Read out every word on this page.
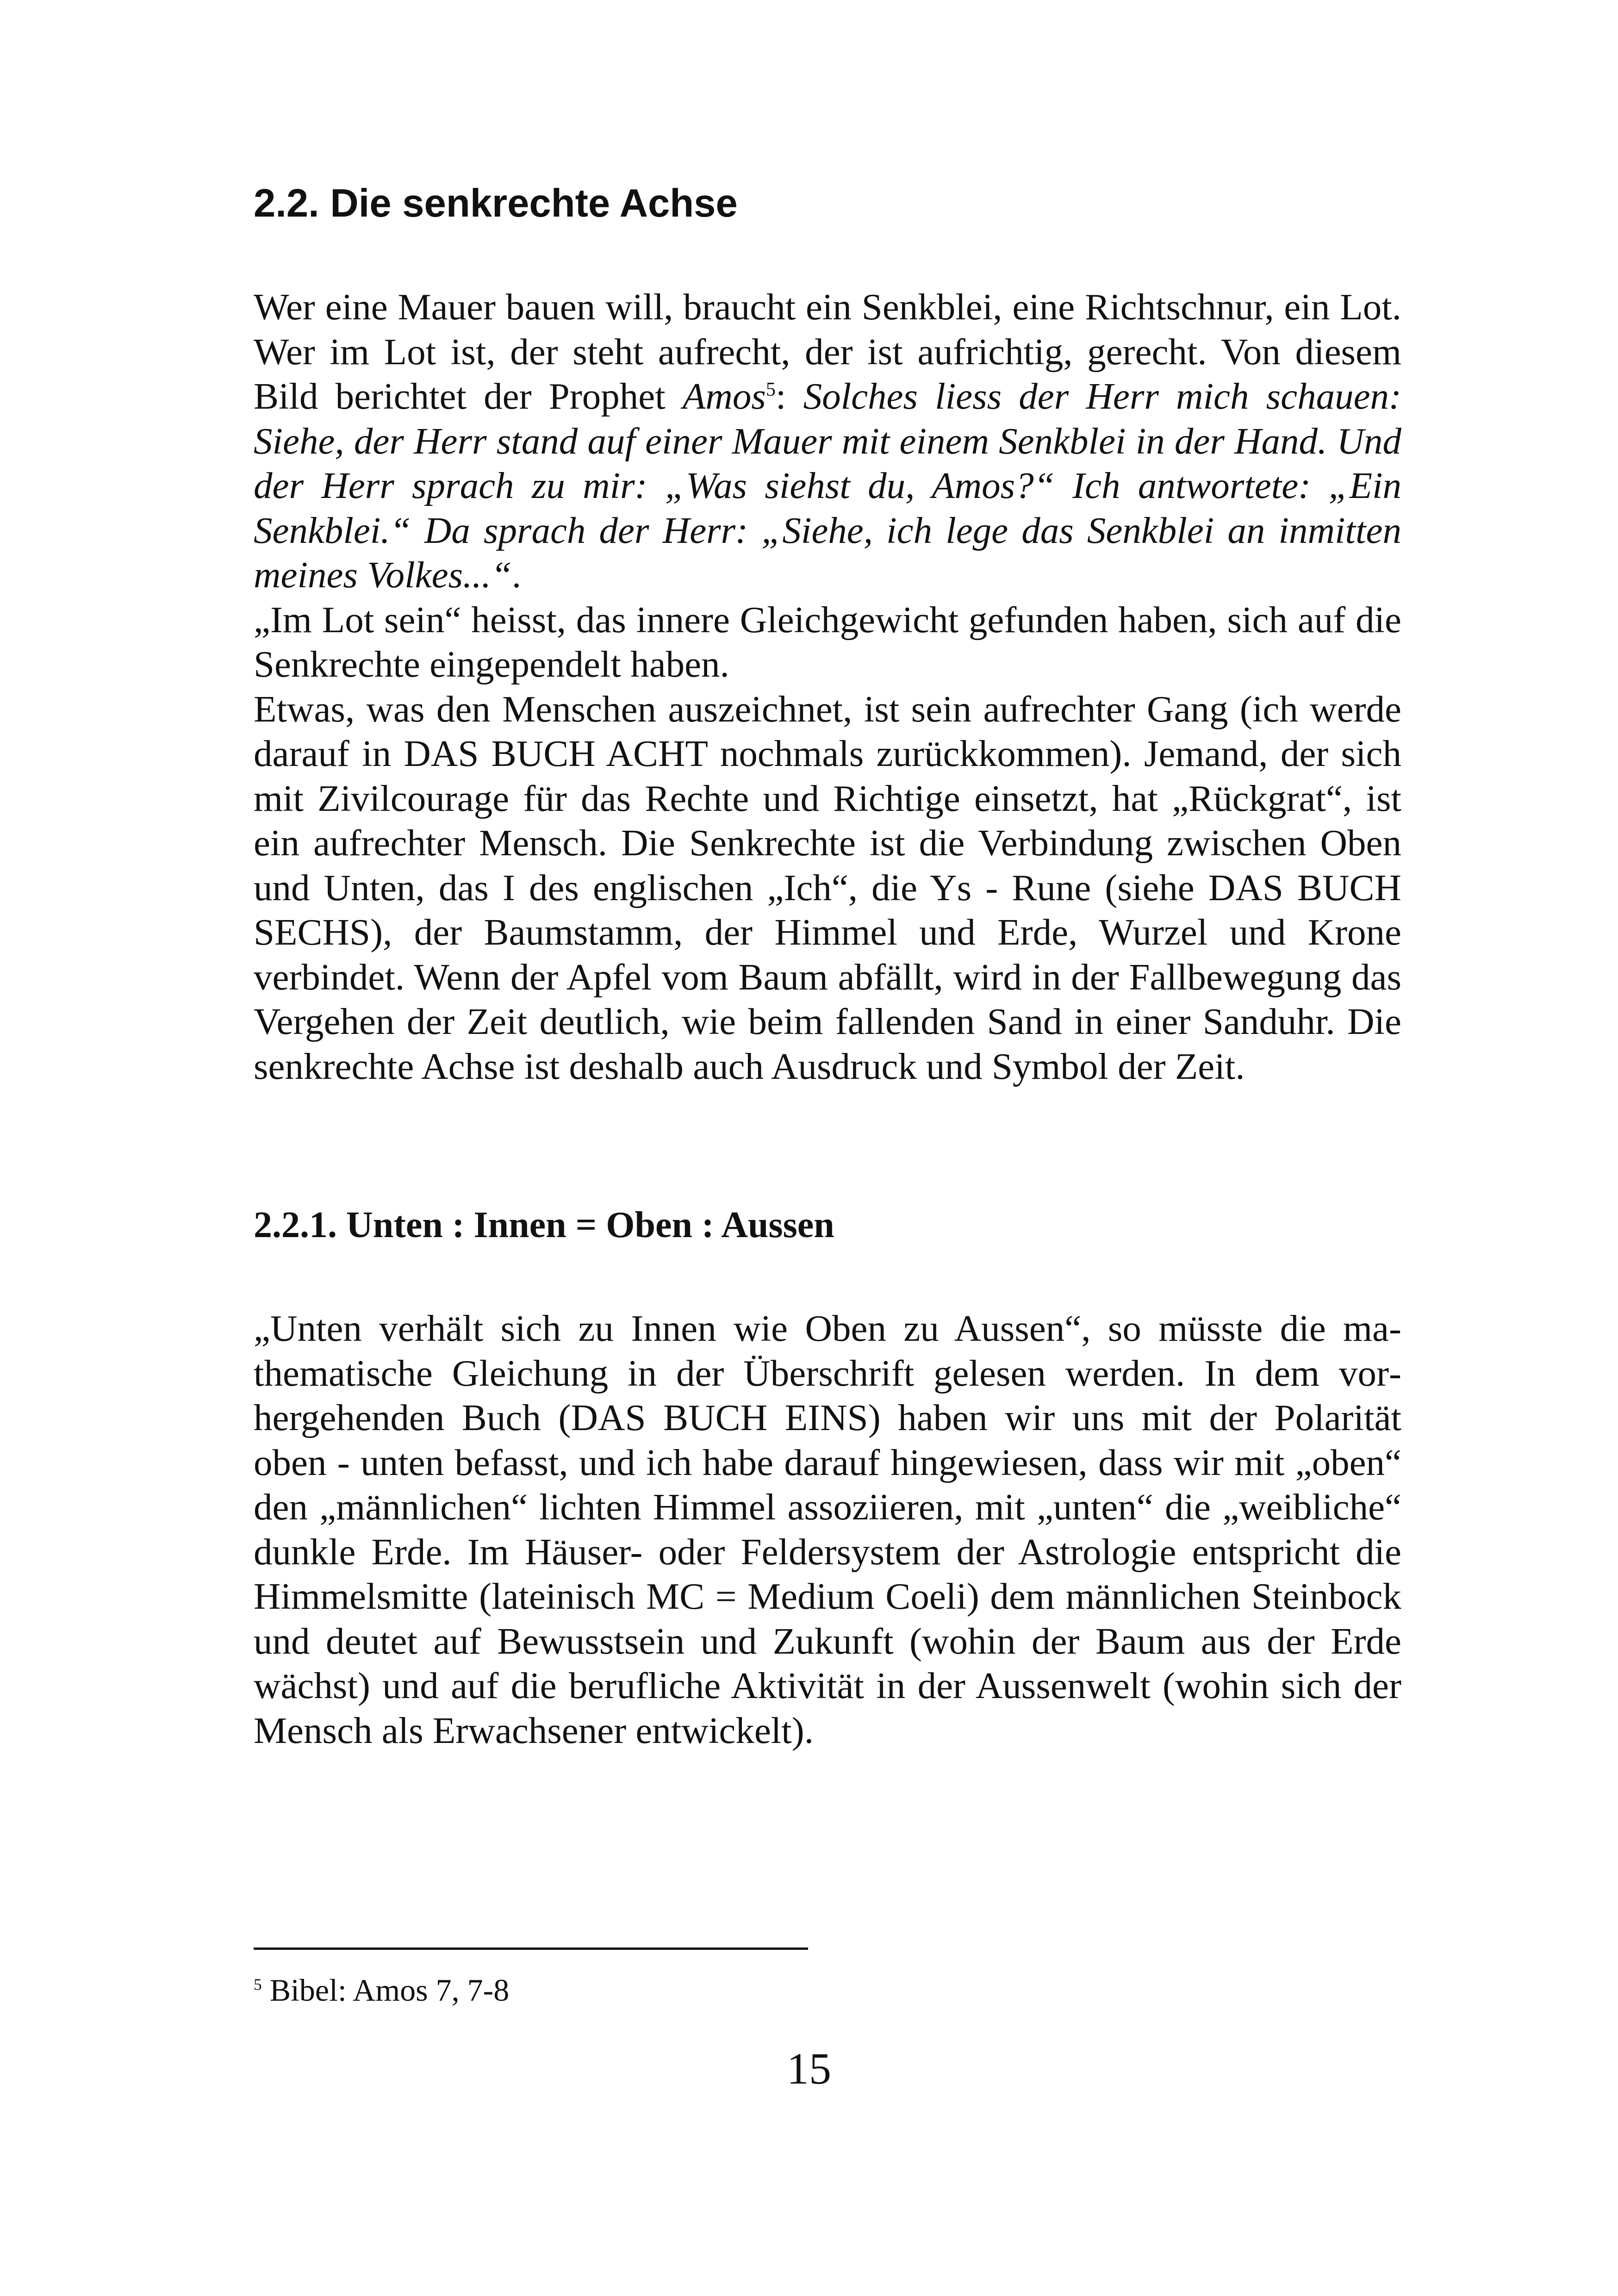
2.2. Die senkrechte Achse

Wer eine Mauer bauen will, braucht ein Senkblei, eine Richtschnur, ein Lot. Wer im Lot ist, der steht aufrecht, der ist aufrichtig, gerecht. Von diesem Bild berichtet der Prophet Amos$^5$: Solches liess der Herr mich schauen: Siehe, der Herr stand auf einer Mauer mit einem Senkblei in der Hand. Und der Herr sprach zu mir: „Was siehst du, Amos?“ Ich antwortete: „Ein Senkblei.“ Da sprach der Herr: „Siehe, ich lege das Senkblei an inmitten meines Volkes...“.

„Im Lot sein“ heisst, das innere Gleichgewicht gefunden haben, sich auf die Senkrechte eingependelt haben.

Etwas, was den Menschen auszeichnet, ist sein aufrechter Gang (ich werde darauf in DAS BUCH ACHT nochmals zurückkommen). Jemand, der sich mit Zivilcourage für das Rechte und Richtige einsetzt, hat „Rückgrat“, ist ein aufrechter Mensch. Die Senkrechte ist die Verbindung zwischen Oben und Unten, das I des englischen „Ich“, die Ys - Rune (siehe DAS BUCH SECHS), der Baumstamm, der Himmel und Erde, Wurzel und Krone verbindet. Wenn der Apfel vom Baum abfällt, wird in der Fallbewegung das Vergehen der Zeit deutlich, wie beim fallenden Sand in einer Sanduhr. Die senkrechte Achse ist deshalb auch Ausdruck und Symbol der Zeit.

2.2.1. Unten : Innen = Oben : Aussen

„Unten verhält sich zu Innen wie Oben zu Aussen“, so müsste die mathematische Gleichung in der Überschrift gelesen werden. In dem vorhergehenden Buch (DAS BUCH EINS) haben wir uns mit der Polarität oben - unten befasst, und ich habe darauf hingewiesen, dass wir mit „oben“ den „männlichen“ lichten Himmel assoziieren, mit „unten“ die „weibliche“ dunkle Erde. Im Häuser- oder Feldersystem der Astrologie entspricht die Himmelsmitte (lateinisch MC = Medium Coeli) dem männlichen Steinbock und deutet auf Bewusstsein und Zukunft (wohin der Baum aus der Erde wächst) und auf die berufliche Aktivität in der Aussenwelt (wohin sich der Mensch als Erwachsener entwickelt).

$^5$ Bibel: Amos 7, 7-8
15
